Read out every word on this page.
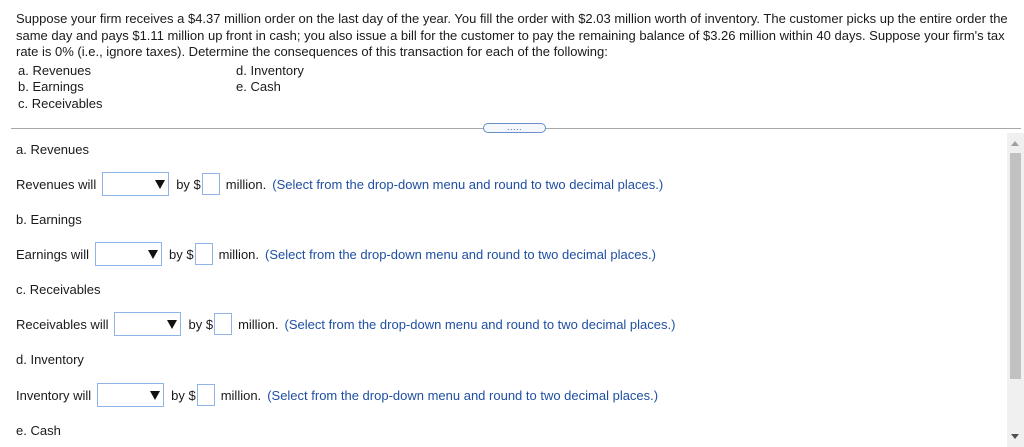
Suppose your firm receives a $4.37 million order on the last day of the year. You fill the order with $2.03 million worth of inventory. The customer picks up the entire order the same day and pays $1.11 million up front in cash; you also issue a bill for the customer to pay the remaining balance of $3.26 million within 40 days. Suppose your firm's tax rate is 0% (i.e., ignore taxes). Determine the consequences of this transaction for each of the following:

a. Revenues
b. Earnings
c. Receivables
d. Inventory
e. Cash
.....
a. Revenues
Revenues will	by $ million. (Select from the drop-down menu and round to two decimal places.)
b. Earnings
Earnings will	by $ million. (Select from the drop-down menu and round to two decimal places.)
c. Receivables
Receivables will	by $ million. (Select from the drop-down menu and round to two decimal places.)
d. Inventory
Inventory will	by $ million. (Select from the drop-down menu and round to two decimal places.)
e. Cash
